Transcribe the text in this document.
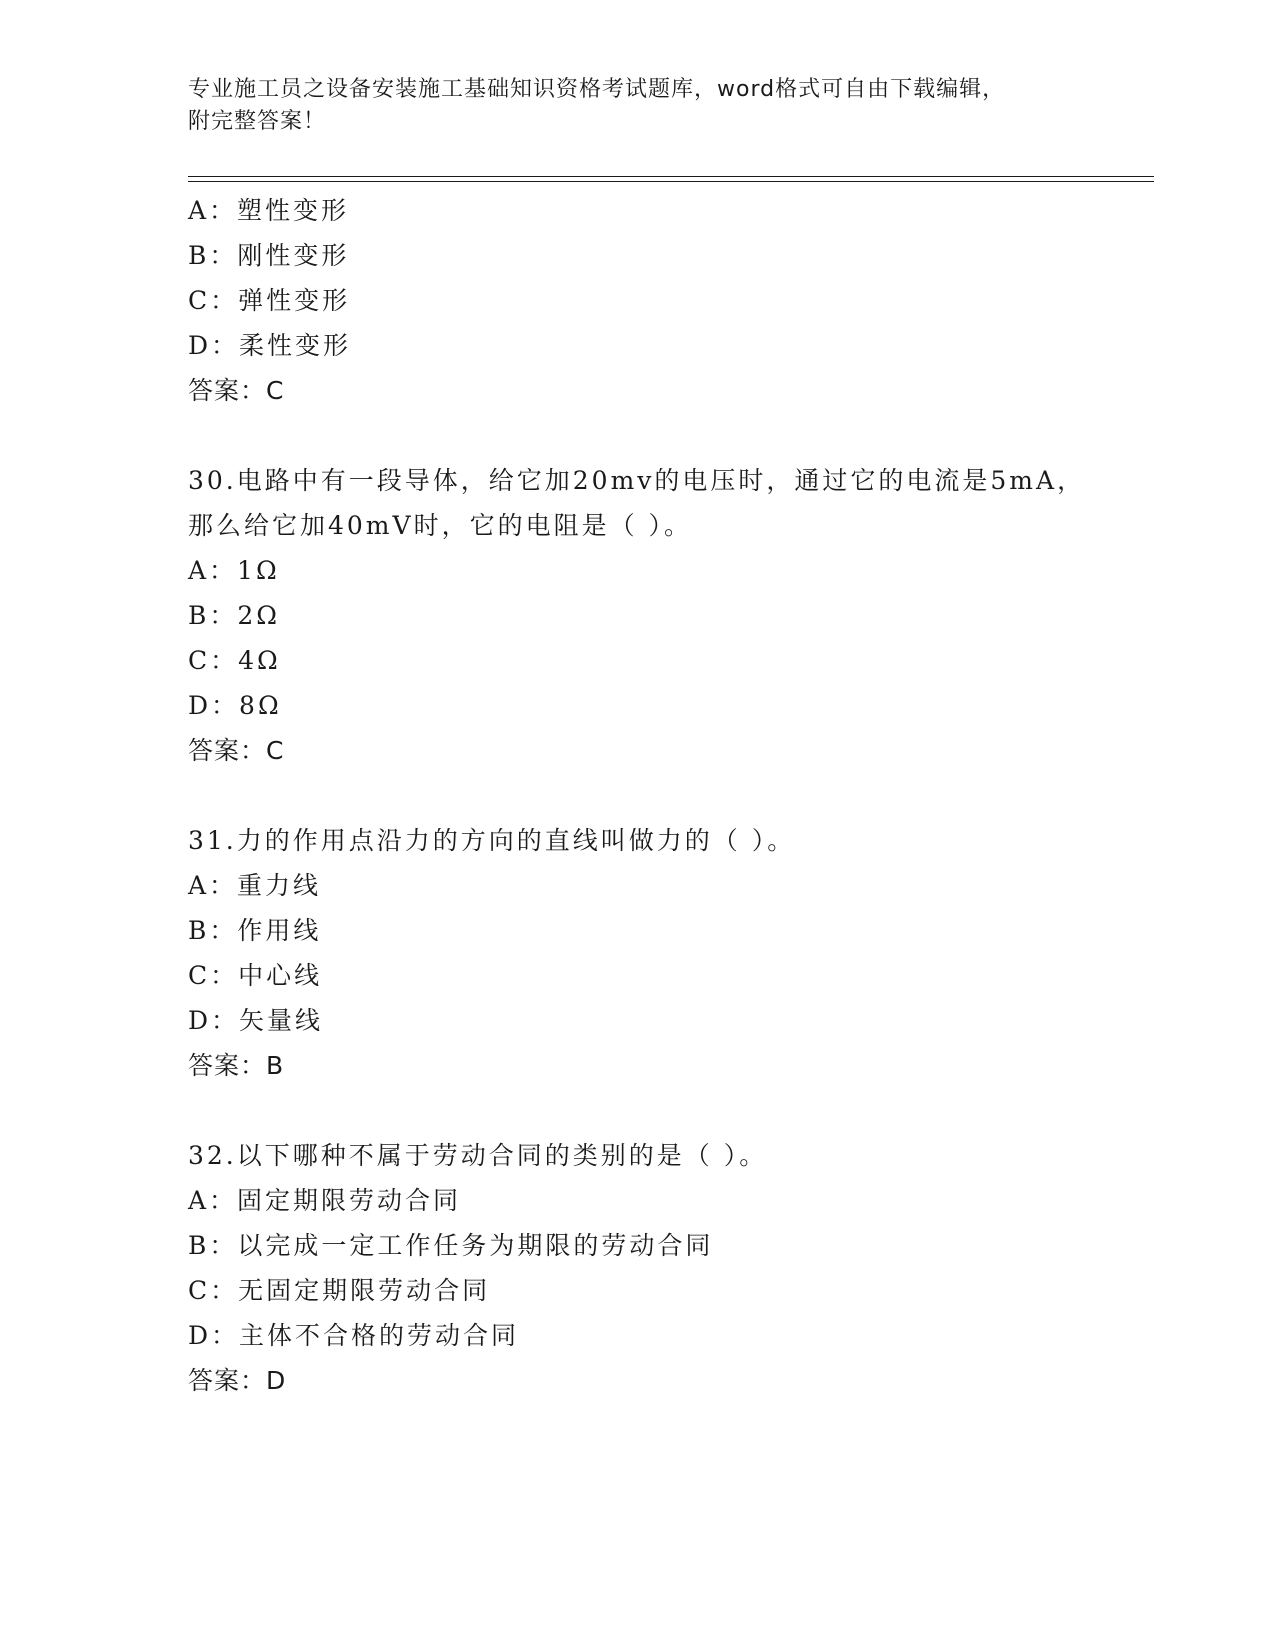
专业施工员之设备安装施工基础知识资格考试题库，word格式可自由下载编辑，
附完整答案！
A：塑性变形
B：刚性变形
C：弹性变形
D：柔性变形
答案：C
30.电路中有一段导体，给它加20mv的电压时，通过它的电流是5mA，那么给它加40mV时，它的电阻是（ ）。
A：1Ω
B：2Ω
C：4Ω
D：8Ω
答案：C
31.力的作用点沿力的方向的直线叫做力的（ ）。
A：重力线
B：作用线
C：中心线
D：矢量线
答案：B
32.以下哪种不属于劳动合同的类别的是（ ）。
A：固定期限劳动合同
B：以完成一定工作任务为期限的劳动合同
C：无固定期限劳动合同
D：主体不合格的劳动合同
答案：D
